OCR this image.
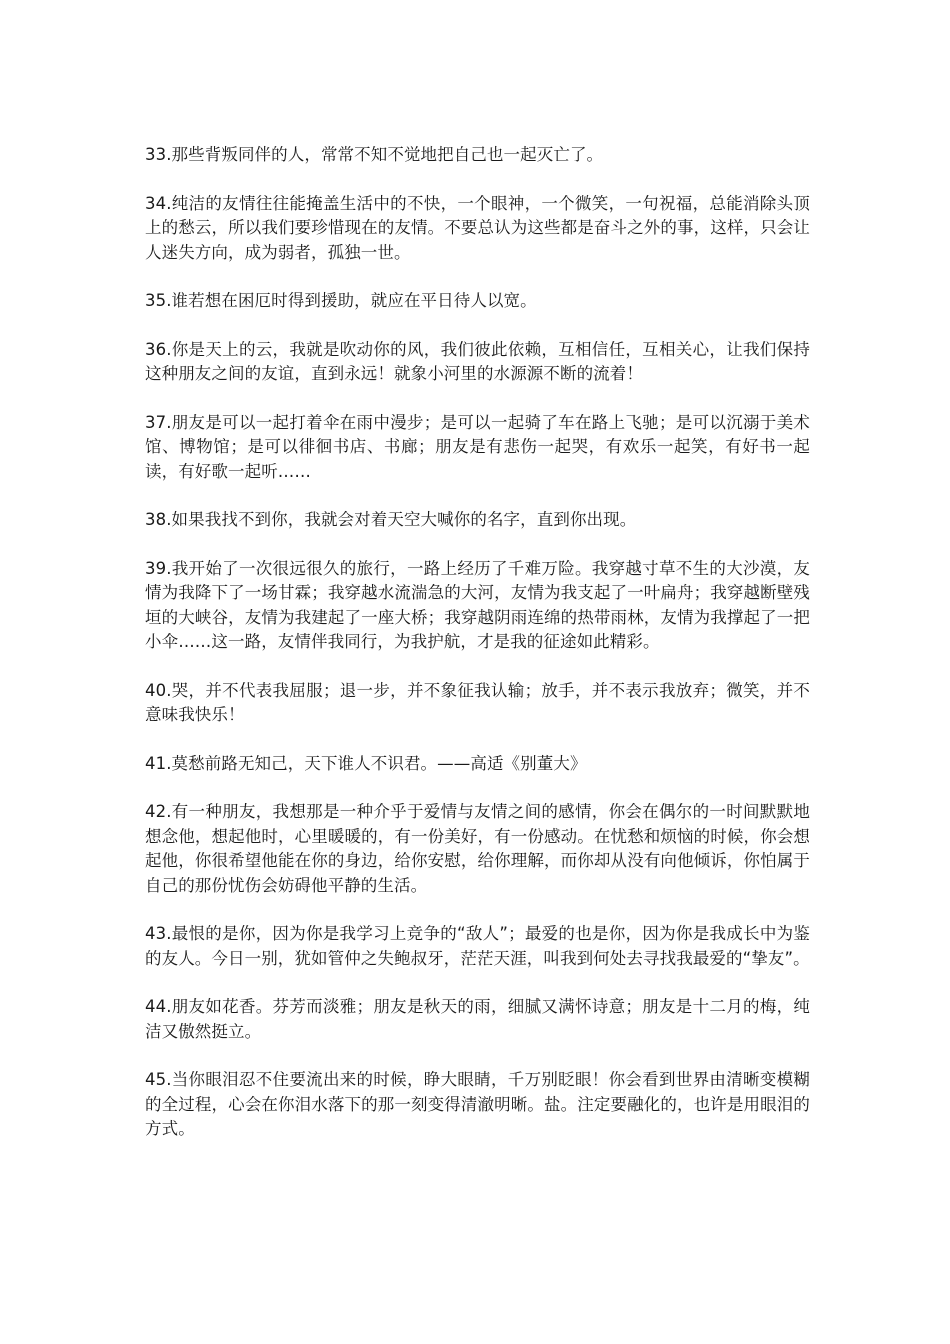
33.那些背叛同伴的人，常常不知不觉地把自己也一起灭亡了。

34.纯洁的友情往往能掩盖生活中的不快，一个眼神，一个微笑，一句祝福，总能消除头顶上的愁云，所以我们要珍惜现在的友情。不要总认为这些都是奋斗之外的事，这样，只会让人迷失方向，成为弱者，孤独一世。

35.谁若想在困厄时得到援助，就应在平日待人以宽。

36.你是天上的云，我就是吹动你的风，我们彼此依赖，互相信任，互相关心，让我们保持这种朋友之间的友谊，直到永远！就象小河里的水源源不断的流着！

37.朋友是可以一起打着伞在雨中漫步；是可以一起骑了车在路上飞驰；是可以沉溺于美术馆、博物馆；是可以徘徊书店、书廊；朋友是有悲伤一起哭，有欢乐一起笑，有好书一起读，有好歌一起听……

38.如果我找不到你，我就会对着天空大喊你的名字，直到你出现。

39.我开始了一次很远很久的旅行，一路上经历了千难万险。我穿越寸草不生的大沙漠，友情为我降下了一场甘霖；我穿越水流湍急的大河，友情为我支起了一叶扁舟；我穿越断壁残垣的大峡谷，友情为我建起了一座大桥；我穿越阴雨连绵的热带雨林，友情为我撑起了一把小伞……这一路，友情伴我同行，为我护航，才是我的征途如此精彩。

40.哭，并不代表我屈服；退一步，并不象征我认输；放手，并不表示我放弃；微笑，并不意味我快乐！

41.莫愁前路无知己，天下谁人不识君。——高适《别董大》

42.有一种朋友，我想那是一种介乎于爱情与友情之间的感情，你会在偶尔的一时间默默地想念他，想起他时，心里暖暖的，有一份美好，有一份感动。在忧愁和烦恼的时候，你会想起他，你很希望他能在你的身边，给你安慰，给你理解，而你却从没有向他倾诉，你怕属于自己的那份忧伤会妨碍他平静的生活。

43.最恨的是你，因为你是我学习上竞争的“敌人”；最爱的也是你，因为你是我成长中为鉴的友人。今日一别，犹如管仲之失鲍叔牙，茫茫天涯，叫我到何处去寻找我最爱的“挚友”。

44.朋友如花香。芬芳而淡雅；朋友是秋天的雨，细腻又满怀诗意；朋友是十二月的梅，纯洁又傲然挺立。

45.当你眼泪忍不住要流出来的时候，睁大眼睛，千万别眨眼！你会看到世界由清晰变模糊的全过程，心会在你泪水落下的那一刻变得清澈明晰。盐。注定要融化的，也许是用眼泪的方式。
